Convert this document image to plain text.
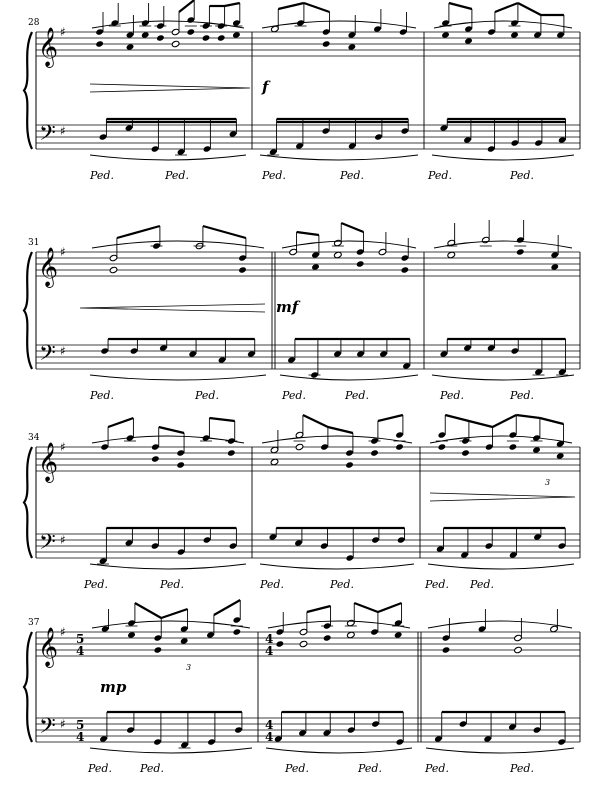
28
𝄞
𝄢
♯
♯
f
Ped.	Ped.	Ped.	Ped.	Ped.	Ped.
31
𝄞
𝄢
♯
♯
mf
Ped.	Ped.	Ped.	Ped.	Ped.	Ped.
34
𝄞
𝄢
♯
♯
Ped.	Ped.	Ped.	Ped.	Ped. Ped.
3
37
𝄞
𝄢
♯
♯
5
4
5
4
4
4
4
4
mp
Ped.	Ped.	Ped.	Ped.	Ped.	Ped.
3
